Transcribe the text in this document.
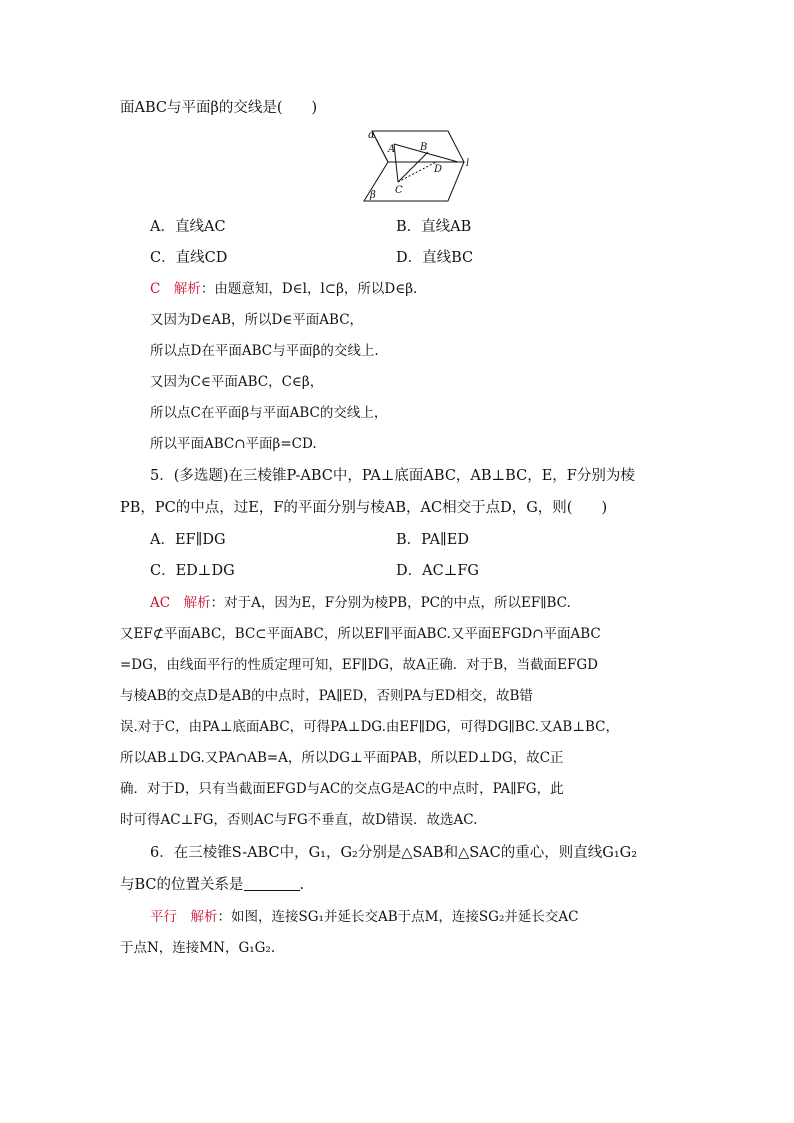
面ABC与平面β的交线是(　　)
α
A B
D
l
C
β
A．直线AC	B．直线AB
C．直线CD	D．直线BC
C　 解析：由题意知，D∈l，l⊂β，所以D∈β.
又因为D∈AB，所以D∈平面ABC，
所以点D在平面ABC与平面β的交线上.
又因为C∈平面ABC，C∈β，
所以点C在平面β与平面ABC的交线上，
所以平面ABC∩平面β=CD.
5．(多选题)在三棱锥P-ABC中，PA⊥底面ABC，AB⊥BC，E，F分别为棱
PB，PC的中点，过E，F的平面分别与棱AB，AC相交于点D，G，则(　　)
A．EF∥DG	B．PA∥ED
C．ED⊥DG	D．AC⊥FG
AC　 解析：对于A，因为E，F分别为棱PB，PC的中点，所以EF∥BC.
又EF⊄平面ABC，BC⊂平面ABC，所以EF∥平面ABC.又平面EFGD∩平面ABC
=DG，由线面平行的性质定理可知，EF∥DG，故A正确．对于B，当截面EFGD
与棱AB的交点D是AB的中点时，PA∥ED，否则PA与ED相交，故B错
误.对于C，由PA⊥底面ABC，可得PA⊥DG.由EF∥DG，可得DG∥BC.又AB⊥BC，
所以AB⊥DG.又PA∩AB=A，所以DG⊥平面PAB，所以ED⊥DG，故C正
确．对于D，只有当截面EFGD与AC的交点G是AC的中点时，PA∥FG，此
时可得AC⊥FG，否则AC与FG不垂直，故D错误．故选AC.
6．在三棱锥S-ABC中，G₁，G₂分别是△SAB和△SAC的重心，则直线G₁G₂
与BC的位置关系是	.
平行　 解析：如图，连接SG₁并延长交AB于点M，连接SG₂并延长交AC
于点N，连接MN，G₁G₂.
